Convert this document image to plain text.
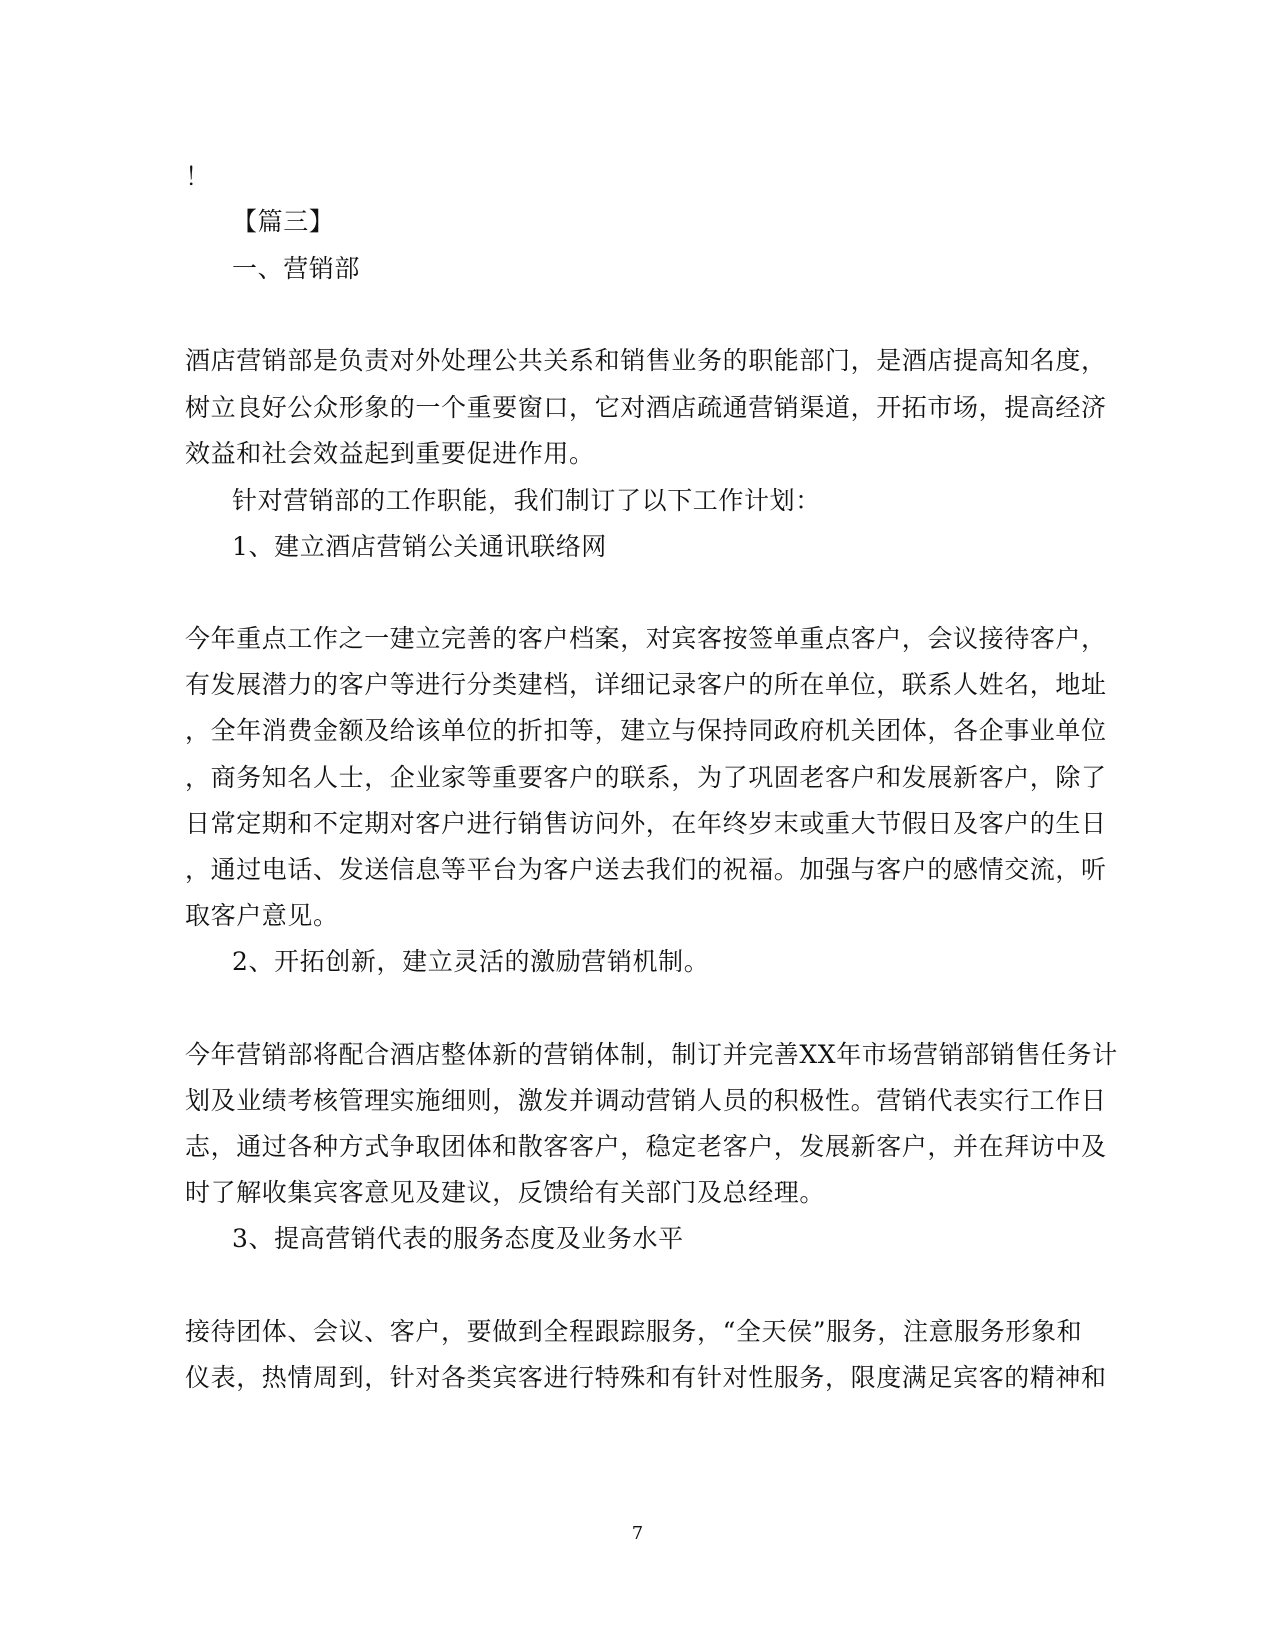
！
【篇三】
一、营销部
酒店营销部是负责对外处理公共关系和销售业务的职能部门，是酒店提高知名度，
树立良好公众形象的一个重要窗口，它对酒店疏通营销渠道，开拓市场，提高经济
效益和社会效益起到重要促进作用。
针对营销部的工作职能，我们制订了以下工作计划：
1、建立酒店营销公关通讯联络网
今年重点工作之一建立完善的客户档案，对宾客按签单重点客户，会议接待客户，
有发展潜力的客户等进行分类建档，详细记录客户的所在单位，联系人姓名，地址
，全年消费金额及给该单位的折扣等，建立与保持同政府机关团体，各企事业单位
，商务知名人士，企业家等重要客户的联系，为了巩固老客户和发展新客户，除了
日常定期和不定期对客户进行销售访问外，在年终岁末或重大节假日及客户的生日
，通过电话、发送信息等平台为客户送去我们的祝福。加强与客户的感情交流，听
取客户意见。
2、开拓创新，建立灵活的激励营销机制。
今年营销部将配合酒店整体新的营销体制，制订并完善XX年市场营销部销售任务计
划及业绩考核管理实施细则，激发并调动营销人员的积极性。营销代表实行工作日
志，通过各种方式争取团体和散客客户，稳定老客户，发展新客户，并在拜访中及
时了解收集宾客意见及建议，反馈给有关部门及总经理。
3、提高营销代表的服务态度及业务水平
接待团体、会议、客户，要做到全程跟踪服务，“全天侯”服务，注意服务形象和
仪表，热情周到，针对各类宾客进行特殊和有针对性服务，限度满足宾客的精神和
7
